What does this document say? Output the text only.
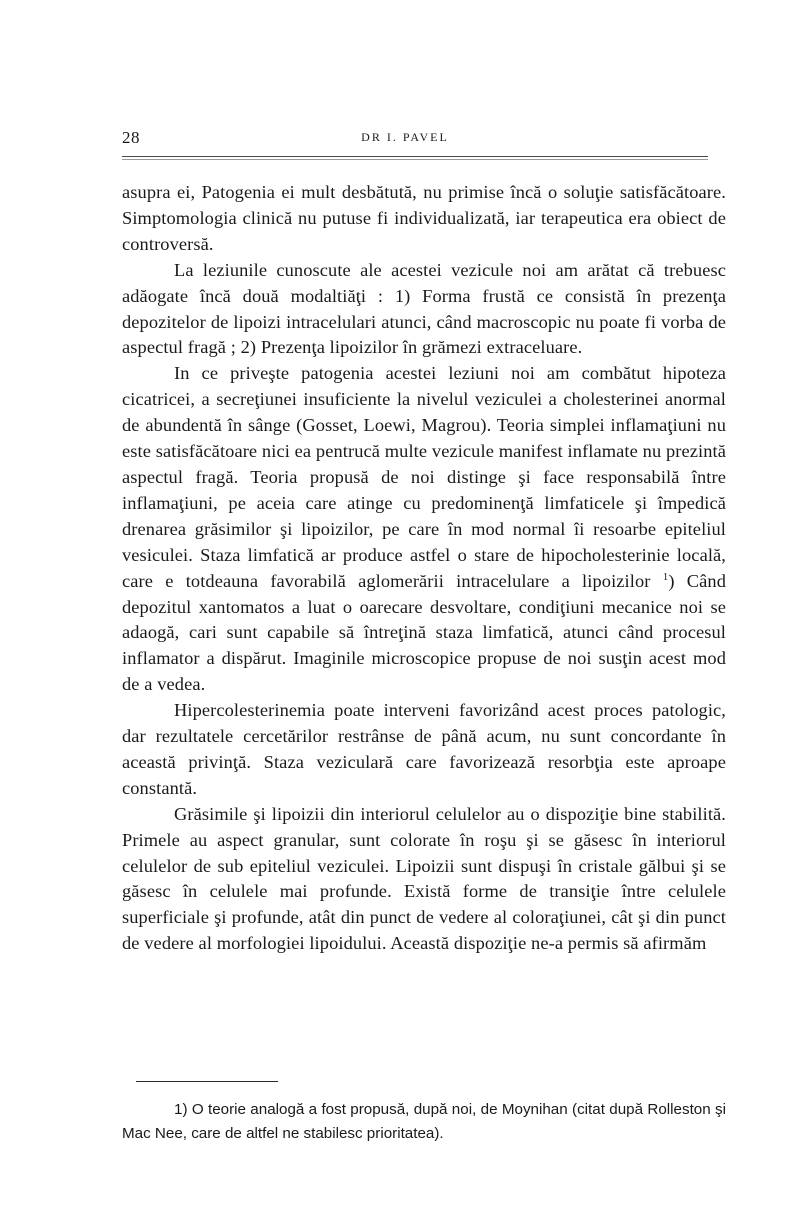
28	DR I. PAVEL

asupra ei, Patogenia ei mult desbătută, nu primise încă o soluţie satisfăcătoare. Simptomologia clinică nu putuse fi individualizată, iar terapeutica era obiect de controversă.

La leziunile cunoscute ale acestei vezicule noi am arătat că trebuesc adăogate încă două modaltiăţi : 1) Forma frustă ce consistă în prezenţa depozitelor de lipoizi intracelulari atunci, când macroscopic nu poate fi vorba de aspectul fragă ; 2) Prezenţa lipoizilor în grămezi extraceluare.

In ce priveşte patogenia acestei leziuni noi am combătut hipoteza cicatricei, a secreţiunei insuficiente la nivelul veziculei a cholesterinei anormal de abundentă în sânge (Gosset, Loewi, Magrou). Teoria simplei inflamaţiuni nu este satisfăcătoare nici ea pentrucă multe vezicule manifest inflamate nu prezintă aspectul fragă. Teoria propusă de noi distinge şi face responsabilă între inflamaţiuni, pe aceia care atinge cu predominenţă limfaticele şi împedică drenarea grăsimilor şi lipoizilor, pe care în mod normal îi resoarbe epiteliul vesiculei. Staza limfatică ar produce astfel o stare de hipocholesterinie locală, care e totdeauna favorabilă aglomerării intracelulare a lipoizilor $^1$) Când depozitul xantomatos a luat o oarecare desvoltare, condiţiuni mecanice noi se adaogă, cari sunt capabile să întreţină staza limfatică, atunci când procesul inflamator a dispărut. Imaginile microscopice propuse de noi susţin acest mod de a vedea.

Hipercolesterinemia poate interveni favorizând acest proces patologic, dar rezultatele cercetărilor restrânse de până acum, nu sunt concordante în această privinţă. Staza veziculară care favorizează resorbţia este aproape constantă.

Grăsimile şi lipoizii din interiorul celulelor au o dispoziţie bine stabilită. Primele au aspect granular, sunt colorate în roşu şi se găsesc în interiorul celulelor de sub epiteliul veziculei. Lipoizii sunt dispuşi în cristale gălbui şi se găsesc în celulele mai profunde. Există forme de transiţie între celulele superficiale şi profunde, atât din punct de vedere al coloraţiunei, cât şi din punct de vedere al morfologiei lipoidului. Această dispoziţie ne-a permis să afirmăm

1) O teorie analogă a fost propusă, după noi, de Moynihan (citat după Rolleston şi Mac Nee, care de altfel ne stabilesc prioritatea).
